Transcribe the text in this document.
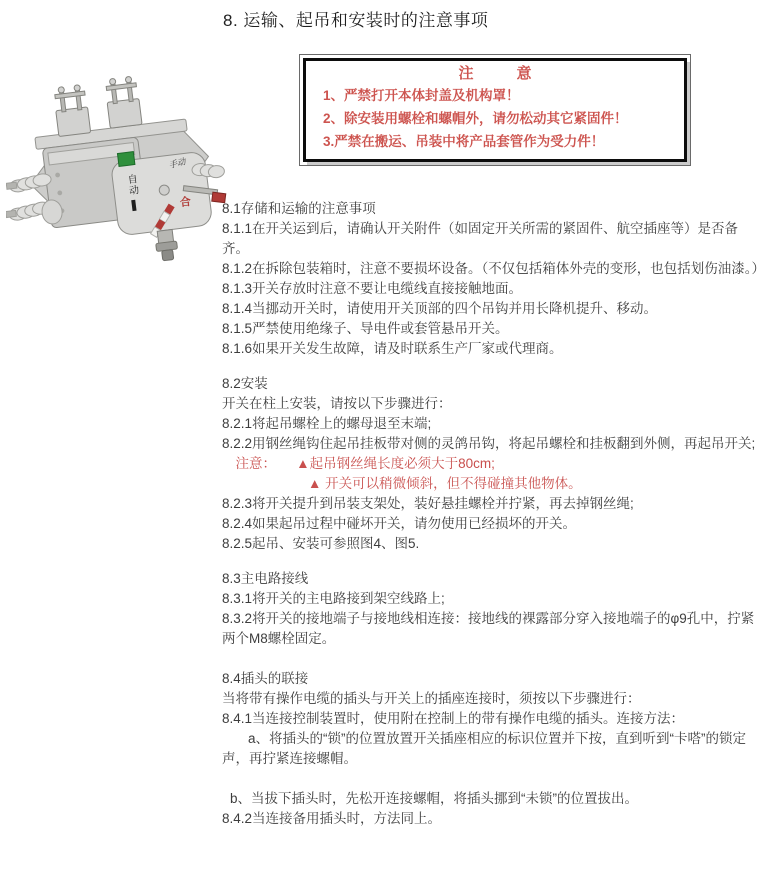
8. 运输、起吊和安装时的注意事项
注　意
1、严禁打开本体封盖及机构罩！
2、除安装用螺栓和螺帽外，请勿松动其它紧固件！
3.严禁在搬运、吊装中将产品套管作为受力件！
自动
手动
合 8.1存储和运输的注意事项

8.1.1在开关运到后，请确认开关附件（如固定开关所需的紧固件、航空插座等）是否备齐。

8.1.2在拆除包装箱时，注意不要损坏设备。（不仅包括箱体外壳的变形，也包括划伤油漆。）

8.1.3开关存放时注意不要让电缆线直接接触地面。

8.1.4当挪动开关时，请使用开关顶部的四个吊钩并用长降机提升、移动。

8.1.5严禁使用绝缘子、导电件或套管悬吊开关。

8.1.6如果开关发生故障，请及时联系生产厂家或代理商。

8.2安装

开关在柱上安装，请按以下步骤进行：

8.2.1将起吊螺栓上的螺母退至末端;

8.2.2用钢丝绳钩住起吊挂板带对侧的灵鸽吊钩，将起吊螺栓和挂板翻到外侧，再起吊开关;

　注意：　　▲起吊钢丝绳长度必须大于80cm;

▲ 开关可以稍微倾斜，但不得碰撞其他物体。

8.2.3将开关提升到吊装支架处，装好悬挂螺栓并拧紧，再去掉钢丝绳;

8.2.4如果起吊过程中碰坏开关，请勿使用已经损坏的开关。

8.2.5起吊、安装可参照图4、图5.

8.3主电路接线

8.3.1将开关的主电路接到架空线路上;

8.3.2将开关的接地端子与接地线相连接：接地线的裸露部分穿入接地端子的φ9孔中，拧紧两个M8螺栓固定。

8.4插头的联接

当将带有操作电缆的插头与开关上的插座连接时，须按以下步骤进行：

8.4.1当连接控制装置时，使用附在控制上的带有操作电缆的插头。连接方法：

a、将插头的“锁”的位置放置开关插座相应的标识位置并下按，直到听到“卡嗒”的锁定声，再拧紧连接螺帽。

b、当拔下插头时，先松开连接螺帽，将插头挪到“未锁”的位置拔出。

8.4.2当连接备用插头时，方法同上。
